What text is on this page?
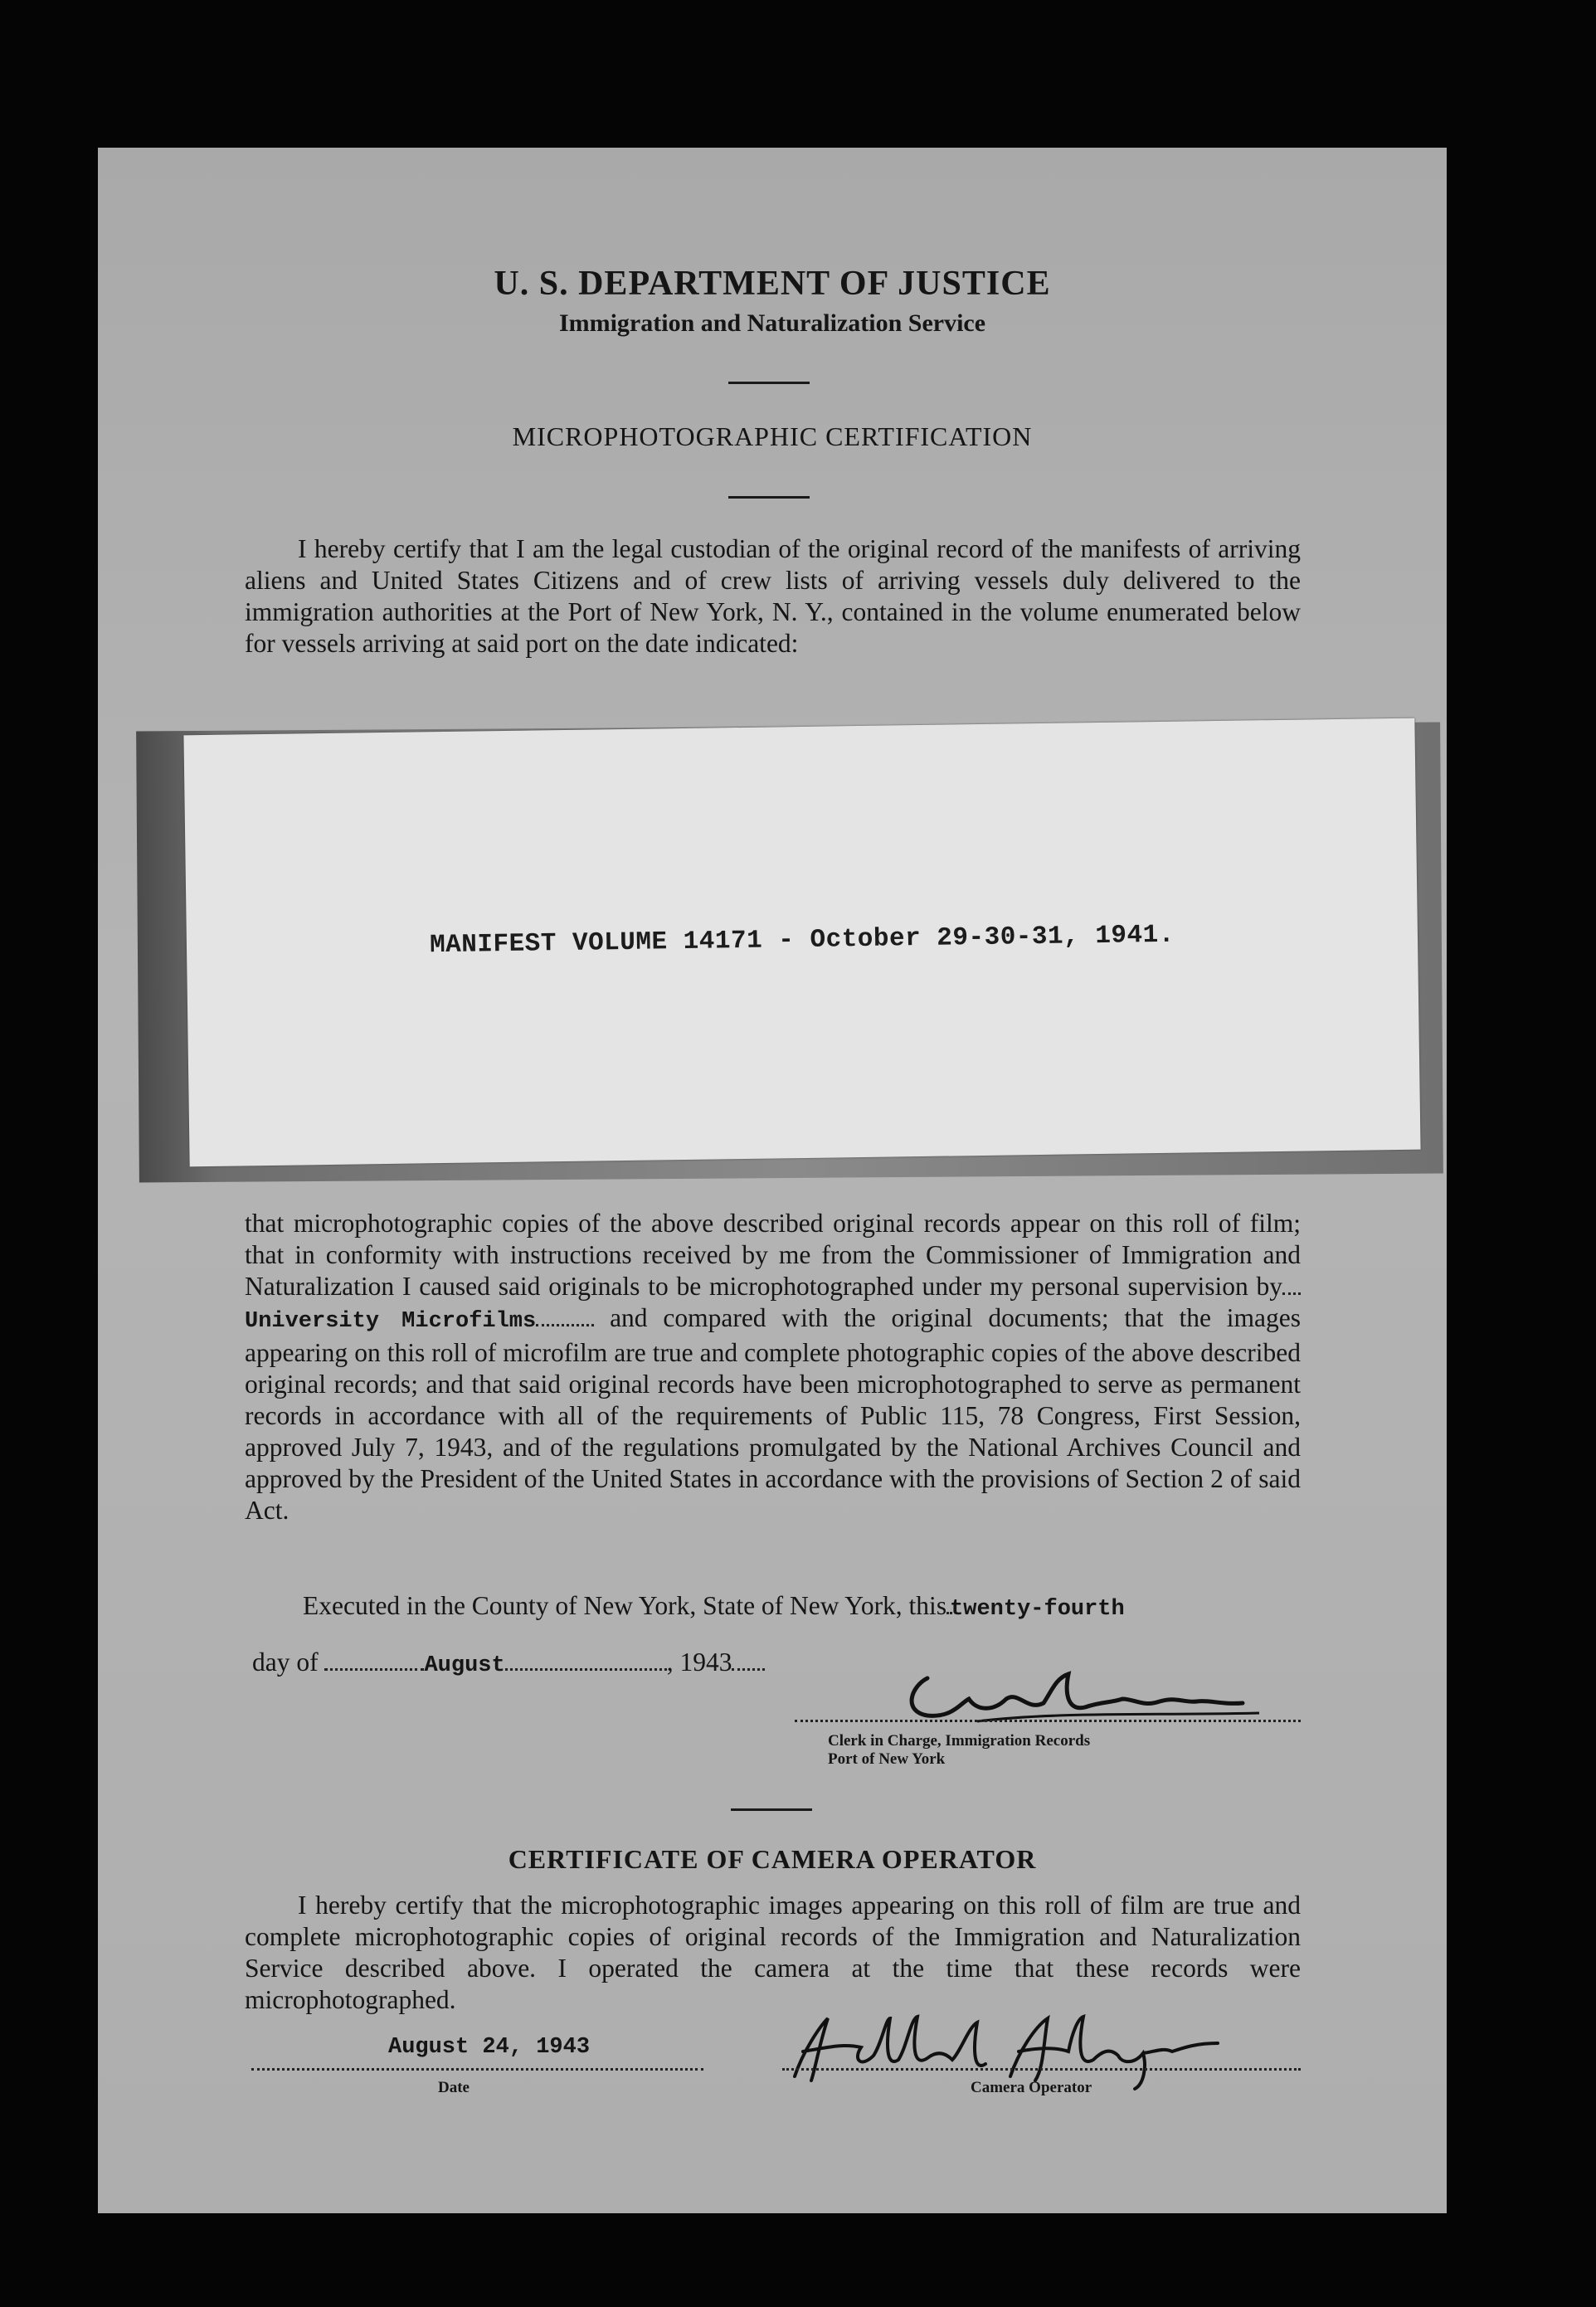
U. S. DEPARTMENT OF JUSTICE
Immigration and Naturalization Service
MICROPHOTOGRAPHIC CERTIFICATION
I hereby certify that I am the legal custodian of the original record of the manifests of arriving aliens and United States Citizens and of crew lists of arriving vessels duly delivered to the immigration authorities at the Port of New York, N. Y., contained in the volume enumerated below for vessels arriving at said port on the date indicated:
MANIFEST VOLUME 14171 - October 29-30-31, 1941.
that microphotographic copies of the above described original records appear on this roll of film; that in conformity with instructions received by me from the Commissioner of Immigration and Naturalization I caused said originals to be microphotographed under my personal supervision byUniversity Microfilms	and compared with the original documents; that the images appearing on this roll of microfilm are true and complete photographic copies of the above described original records; and that said original records have been microphotographed to serve as permanent records in accordance with all of the requirements of Public 115, 78 Congress, First Session, approved July 7, 1943, and of the regulations promulgated by the National Archives Council and approved by the President of the United States in accordance with the provisions of Section 2 of said Act.
Executed in the County of New York, State of New York, this twenty-fourth
day of	August	, 1943
Clerk in Charge, Immigration Records
Port of New York
CERTIFICATE OF CAMERA OPERATOR
I hereby certify that the microphotographic images appearing on this roll of film are true and complete microphotographic copies of original records of the Immigration and Naturalization Service described above. I operated the camera at the time that these records were microphotographed.
August 24, 1943
Date	Camera Operator
